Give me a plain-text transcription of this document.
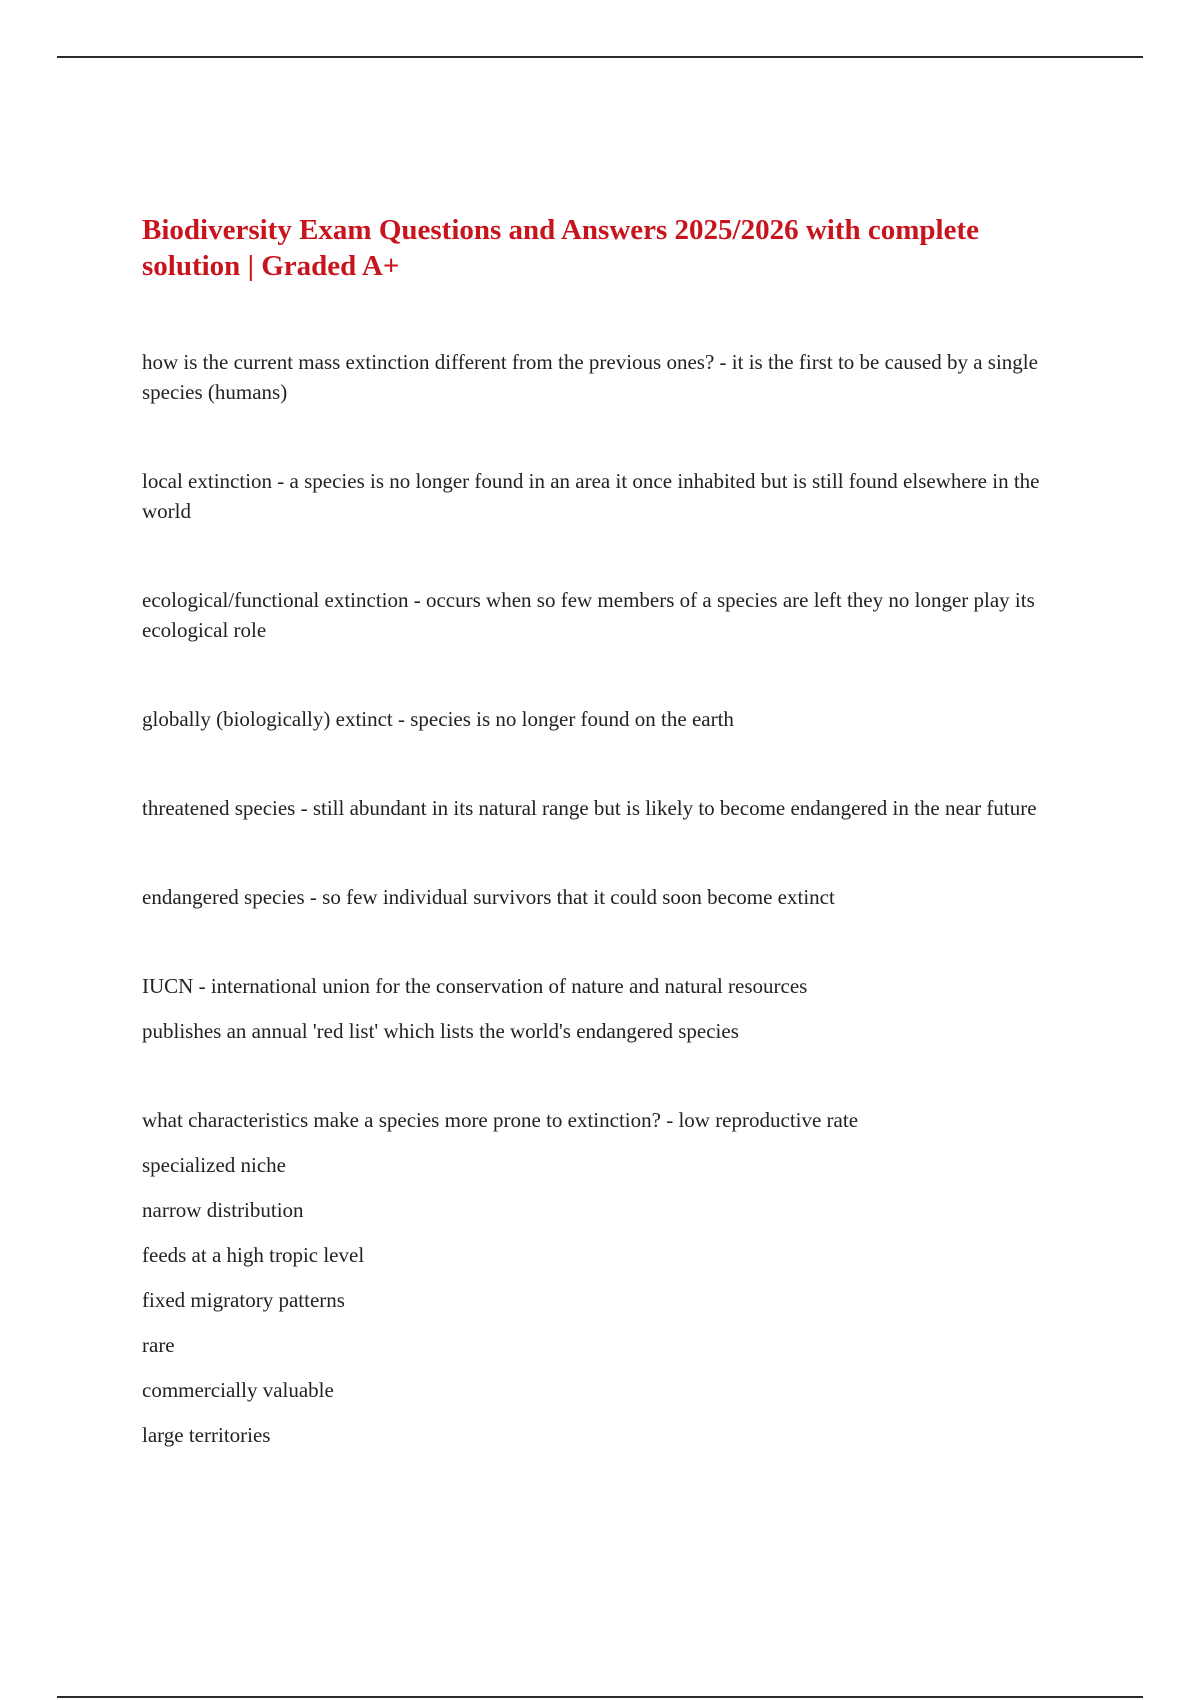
Biodiversity Exam Questions and Answers 2025/2026 with complete solution | Graded A+

how is the current mass extinction different from the previous ones? - it is the first to be caused by a single species (humans)

local extinction - a species is no longer found in an area it once inhabited but is still found elsewhere in the world

ecological/functional extinction - occurs when so few members of a species are left they no longer play its ecological role

globally (biologically) extinct - species is no longer found on the earth

threatened species - still abundant in its natural range but is likely to become endangered in the near future

endangered species - so few individual survivors that it could soon become extinct

IUCN - international union for the conservation of nature and natural resources

publishes an annual 'red list' which lists the world's endangered species

what characteristics make a species more prone to extinction? - low reproductive rate

specialized niche

narrow distribution

feeds at a high tropic level

fixed migratory patterns

rare

commercially valuable

large territories
